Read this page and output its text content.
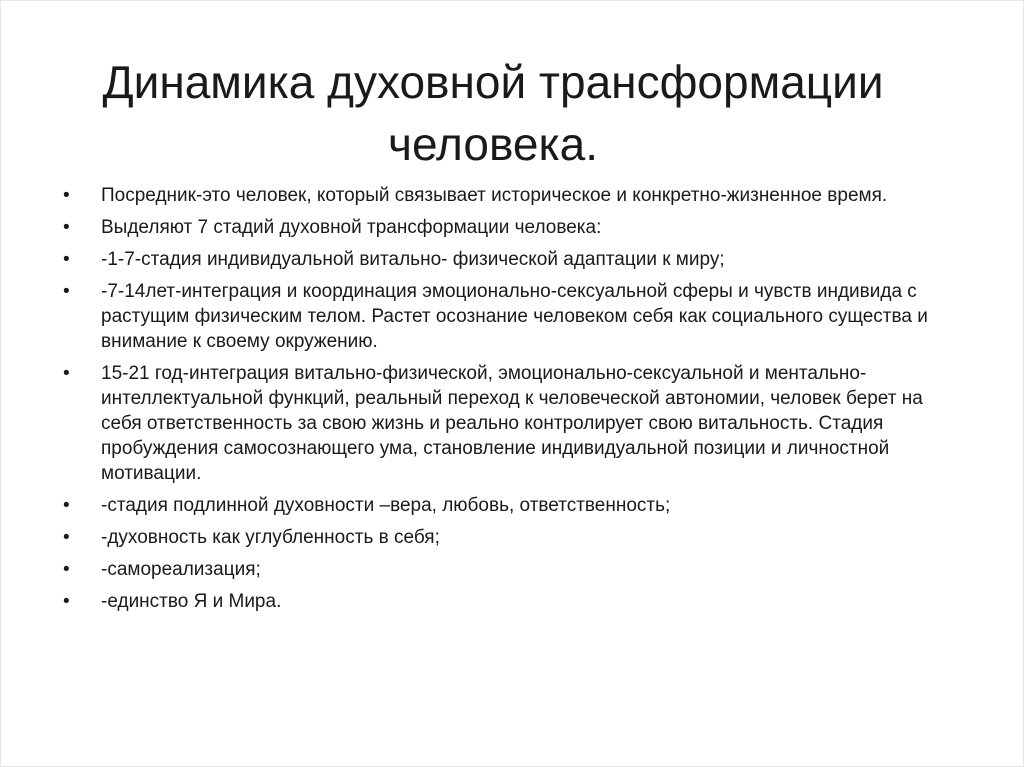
Динамика духовной трансформации человека.
•	Посредник-это человек, который связывает историческое и конкретно-жизненное время.
•	Выделяют 7 стадий духовной трансформации человека:
•	-1-7-стадия индивидуальной витально- физической адаптации к миру;
•	-7-14лет-интеграция и координация эмоционально-сексуальной сферы и чувств индивида с растущим физическим телом. Растет осознание человеком себя как социального существа и внимание к своему окружению.
•	15-21 год-интеграция витально-физической, эмоционально-сексуальной и ментально-интеллектуальной функций, реальный переход к человеческой автономии, человек берет на себя ответственность за свою жизнь и реально контролирует свою витальность. Стадия пробуждения самосознающего ума, становление индивидуальной позиции и личностной мотивации.
•	-стадия подлинной духовности –вера, любовь, ответственность;
•	-духовность как углубленность в себя;
•	-самореализация;
•	-единство Я и Мира.
